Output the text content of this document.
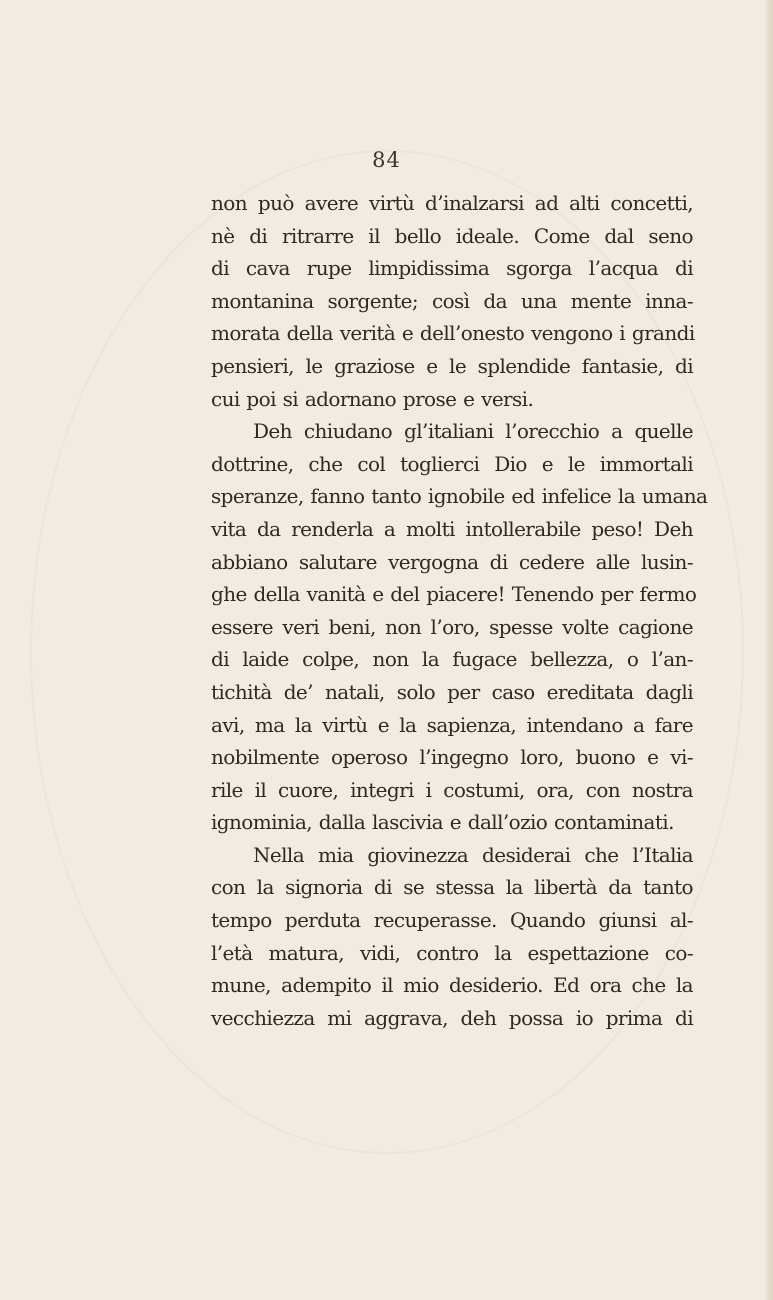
84
non può avere virtù d’inalzarsi ad alti concetti,
nè di ritrarre il bello ideale. Come dal seno
di cava rupe limpidissima sgorga l’acqua di
montanina sorgente; così da una mente inna-
morata della verità e dell’onesto vengono i grandi
pensieri, le graziose e le splendide fantasie, di
cui poi si adornano prose e versi.
Deh chiudano gl’italiani l’orecchio a quelle
dottrine, che col toglierci Dio e le immortali
speranze, fanno tanto ignobile ed infelice la umana
vita da renderla a molti intollerabile peso! Deh
abbiano salutare vergogna di cedere alle lusin-
ghe della vanità e del piacere! Tenendo per fermo
essere veri beni, non l’oro, spesse volte cagione
di laide colpe, non la fugace bellezza, o l’an-
tichità de’ natali, solo per caso ereditata dagli
avi, ma la virtù e la sapienza, intendano a fare
nobilmente operoso l’ingegno loro, buono e vi-
rile il cuore, integri i costumi, ora, con nostra
ignominia, dalla lascivia e dall’ozio contaminati.
Nella mia giovinezza desiderai che l’Italia
con la signoria di se stessa la libertà da tanto
tempo perduta recuperasse. Quando giunsi al-
l’età matura, vidi, contro la espettazione co-
mune, adempito il mio desiderio. Ed ora che la
vecchiezza mi aggrava, deh possa io prima di
